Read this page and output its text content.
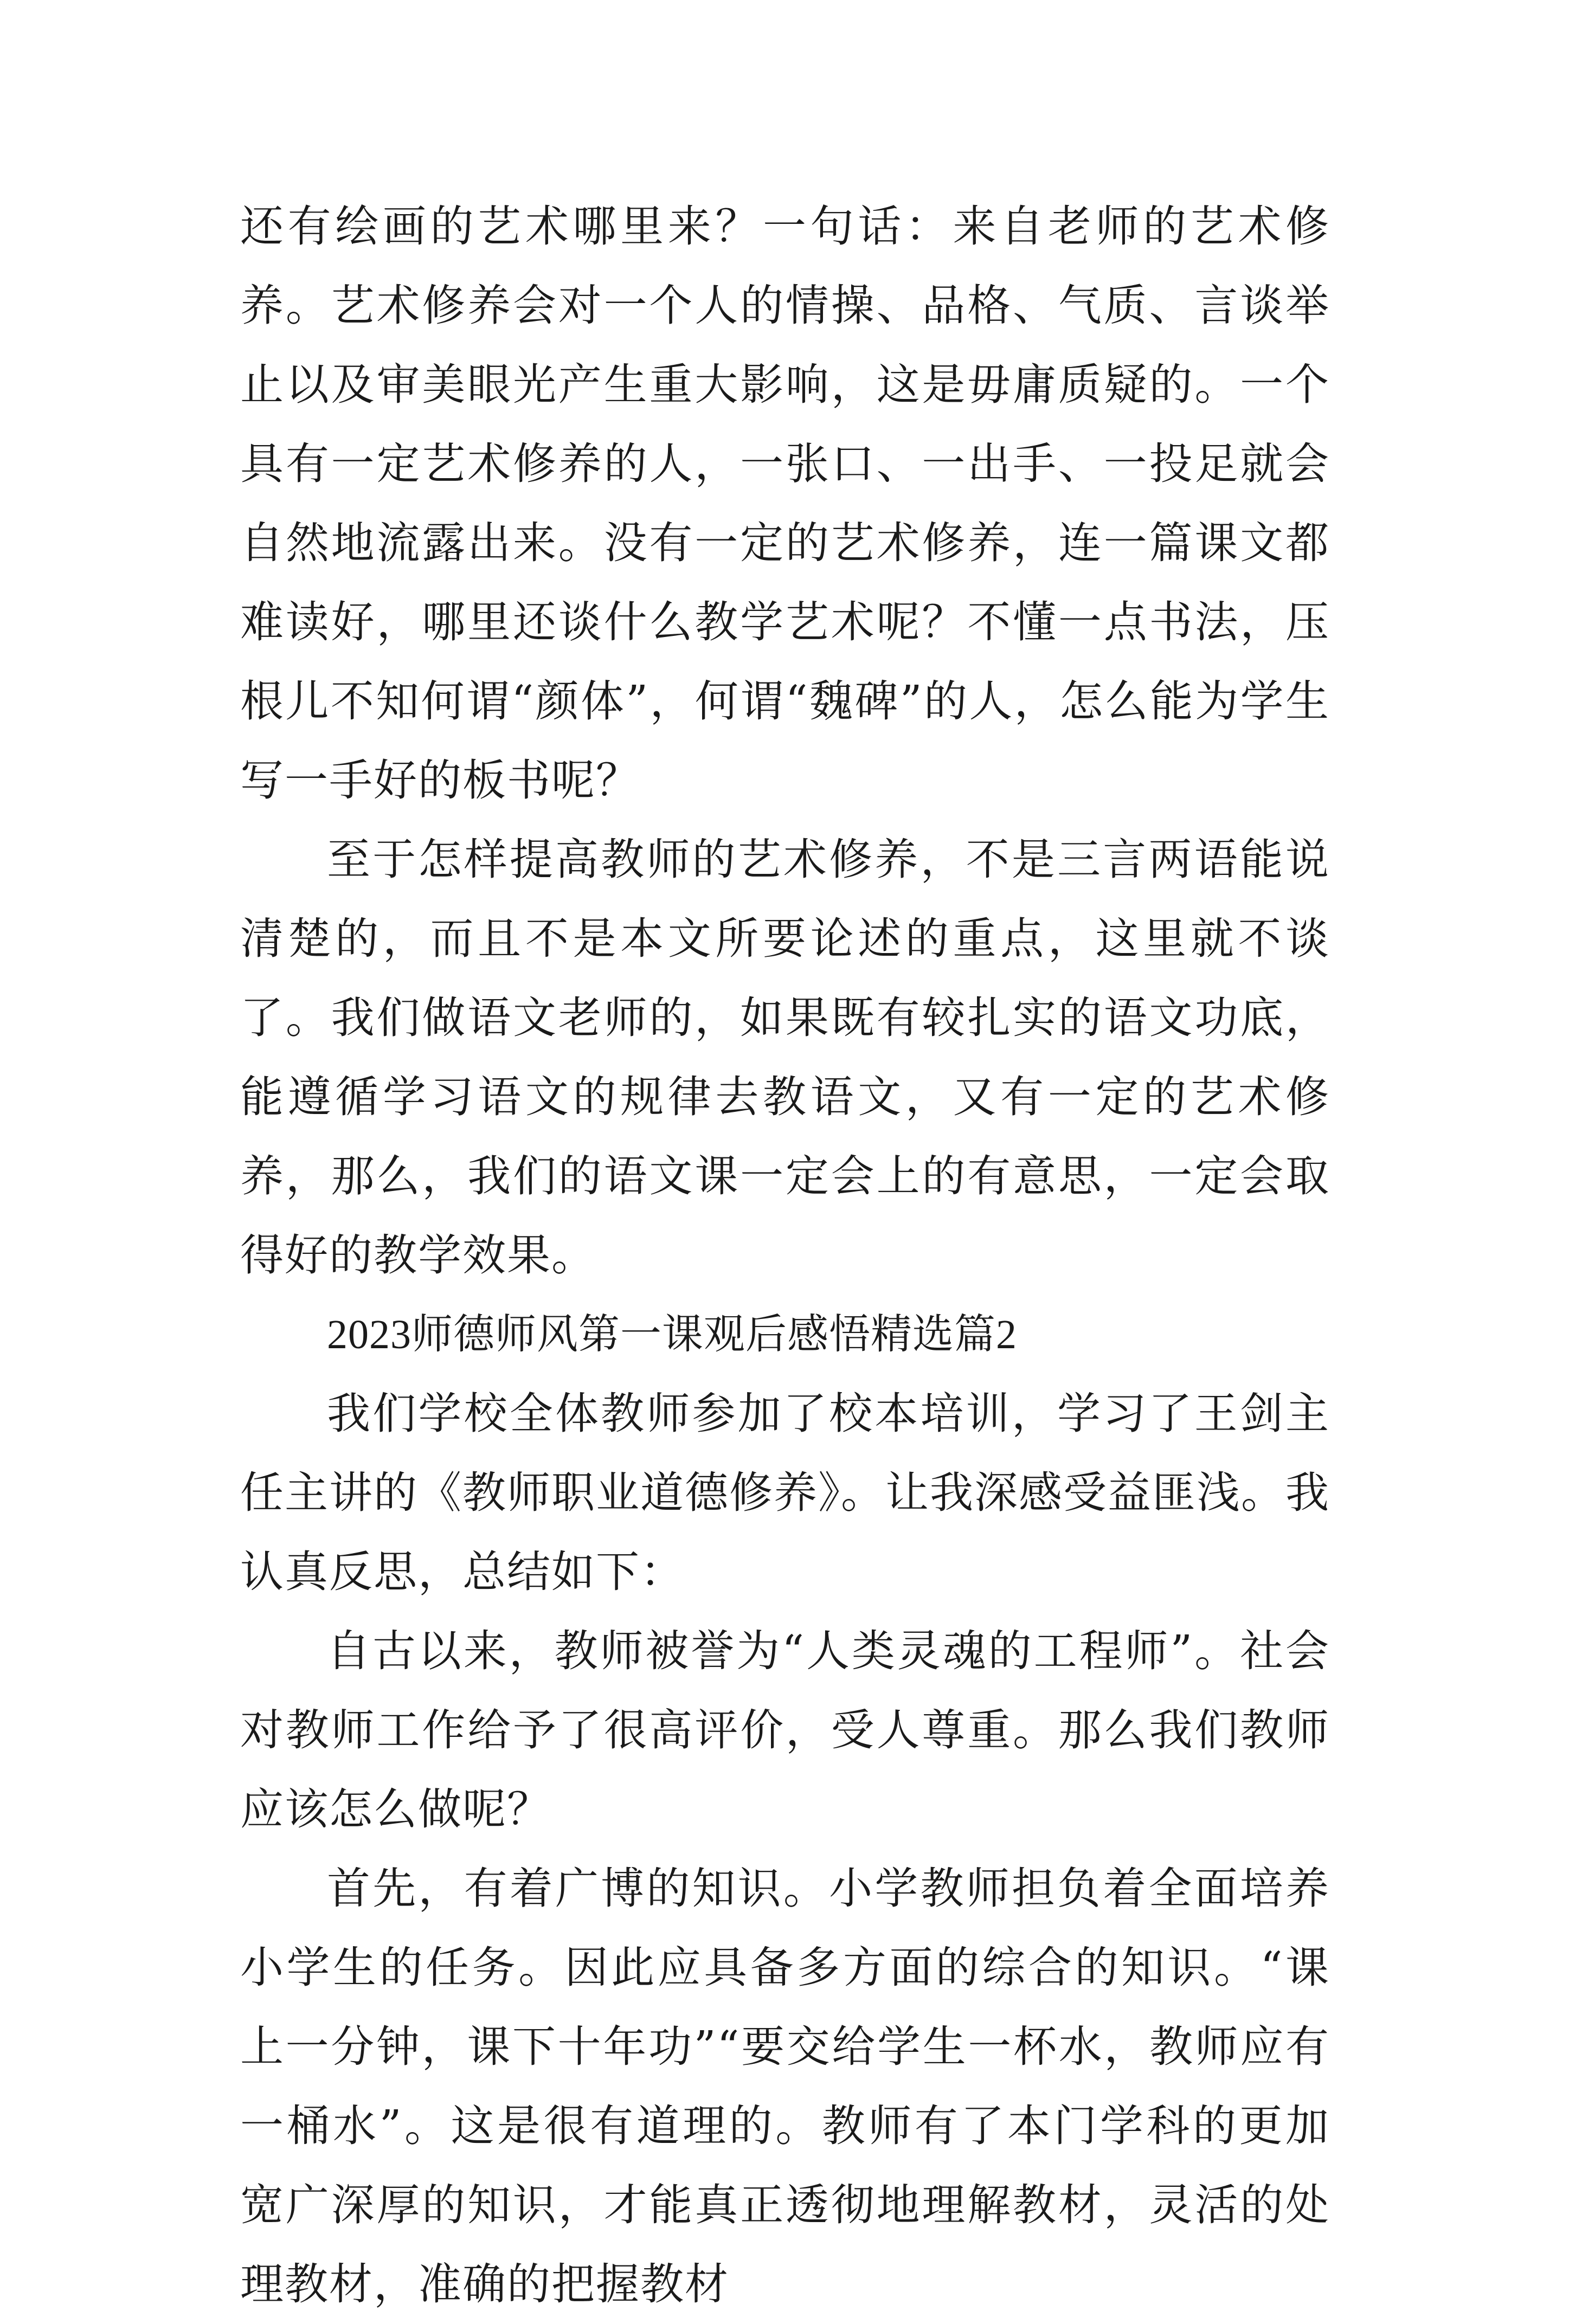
还有绘画的艺术哪里来？一句话：来自老师的艺术修养。艺术修养会对一个人的情操、品格、气质、言谈举止以及审美眼光产生重大影响，这是毋庸质疑的。一个具有一定艺术修养的人，一张口、一出手、一投足就会自然地流露出来。没有一定的艺术修养，连一篇课文都难读好，哪里还谈什么教学艺术呢？不懂一点书法，压根儿不知何谓“颜体”，何谓“魏碑”的人，怎么能为学生写一手好的板书呢？

至于怎样提高教师的艺术修养，不是三言两语能说清楚的，而且不是本文所要论述的重点，这里就不谈了。我们做语文老师的，如果既有较扎实的语文功底，能遵循学习语文的规律去教语文，又有一定的艺术修养，那么，我们的语文课一定会上的有意思，一定会取得好的教学效果。

2023师德师风第一课观后感悟精选篇2

我们学校全体教师参加了校本培训，学习了王剑主任主讲的《教师职业道德修养》。让我深感受益匪浅。我认真反思，总结如下：

自古以来，教师被誉为“人类灵魂的工程师”。社会对教师工作给予了很高评价，受人尊重。那么我们教师应该怎么做呢？

首先，有着广博的知识。小学教师担负着全面培养小学生的任务。因此应具备多方面的综合的知识。“课上一分钟，课下十年功”“要交给学生一杯水，教师应有一桶水”。这是很有道理的。教师有了本门学科的更加宽广深厚的知识，才能真正透彻地理解教材，灵活的处理教材，准确的把握教材
